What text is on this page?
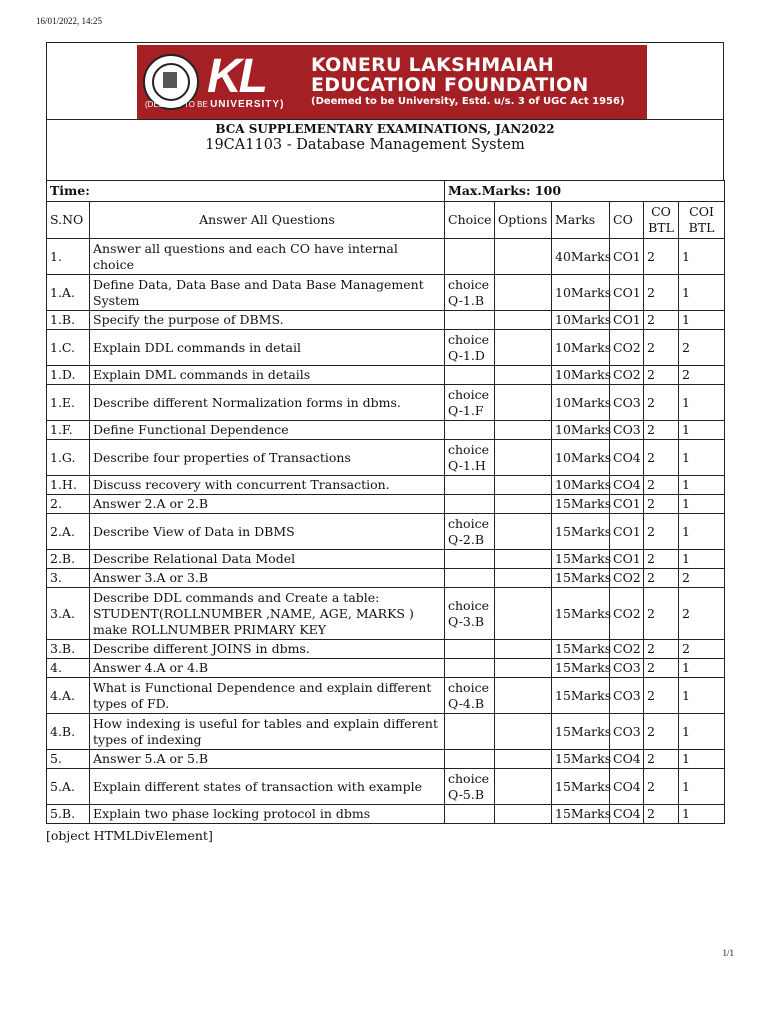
16/01/2022, 14:25
KL
(DEEMED TO BE UNIVERSITY)
KONERU LAKSHMAIAH
EDUCATION FOUNDATION
(Deemed to be University, Estd. u/s. 3 of UGC Act 1956)
BCA SUPPLEMENTARY EXAMINATIONS, JAN2022
19CA1103 - Database Management System
Time:		Max.Marks: 100					
S.NO	Answer All Questions	Choice	Options	Marks	CO	CO BTL	COI BTL
1.	Answer all questions and each CO have internal choice			40Marks	CO1	2	1
1.A.	Define Data, Data Base and Data Base Management System	choice Q-1.B		10Marks	CO1	2	1
1.B.	Specify the purpose of DBMS.			10Marks	CO1	2	1
1.C.	Explain DDL commands in detail	choice Q-1.D		10Marks	CO2	2	2
1.D.	Explain DML commands in details			10Marks	CO2	2	2
1.E.	Describe different Normalization forms in dbms.	choice Q-1.F		10Marks	CO3	2	1
1.F.	Define Functional Dependence			10Marks	CO3	2	1
1.G.	Describe four properties of Transactions	choice Q-1.H		10Marks	CO4	2	1
1.H.	Discuss recovery with concurrent Transaction.			10Marks	CO4	2	1
2.	Answer 2.A or 2.B			15Marks	CO1	2	1
2.A.	Describe View of Data in DBMS	choice Q-2.B		15Marks	CO1	2	1
2.B.	Describe Relational Data Model			15Marks	CO1	2	1
3.	Answer 3.A or 3.B			15Marks	CO2	2	2
3.A.	Describe DDL commands and Create a table: STUDENT(ROLLNUMBER ,NAME, AGE, MARKS ) make ROLLNUMBER PRIMARY KEY	choice Q-3.B		15Marks	CO2	2	2
3.B.	Describe different JOINS in dbms.			15Marks	CO2	2	2
4.	Answer 4.A or 4.B			15Marks	CO3	2	1
4.A.	What is Functional Dependence and explain different types of FD.	choice Q-4.B		15Marks	CO3	2	1
4.B.	How indexing is useful for tables and explain different types of indexing			15Marks	CO3	2	1
5.	Answer 5.A or 5.B			15Marks	CO4	2	1
5.A.	Explain different states of transaction with example	choice Q-5.B		15Marks	CO4	2	1
5.B.	Explain two phase locking protocol in dbms			15Marks	CO4	2	1
[object HTMLDivElement]
1/1
